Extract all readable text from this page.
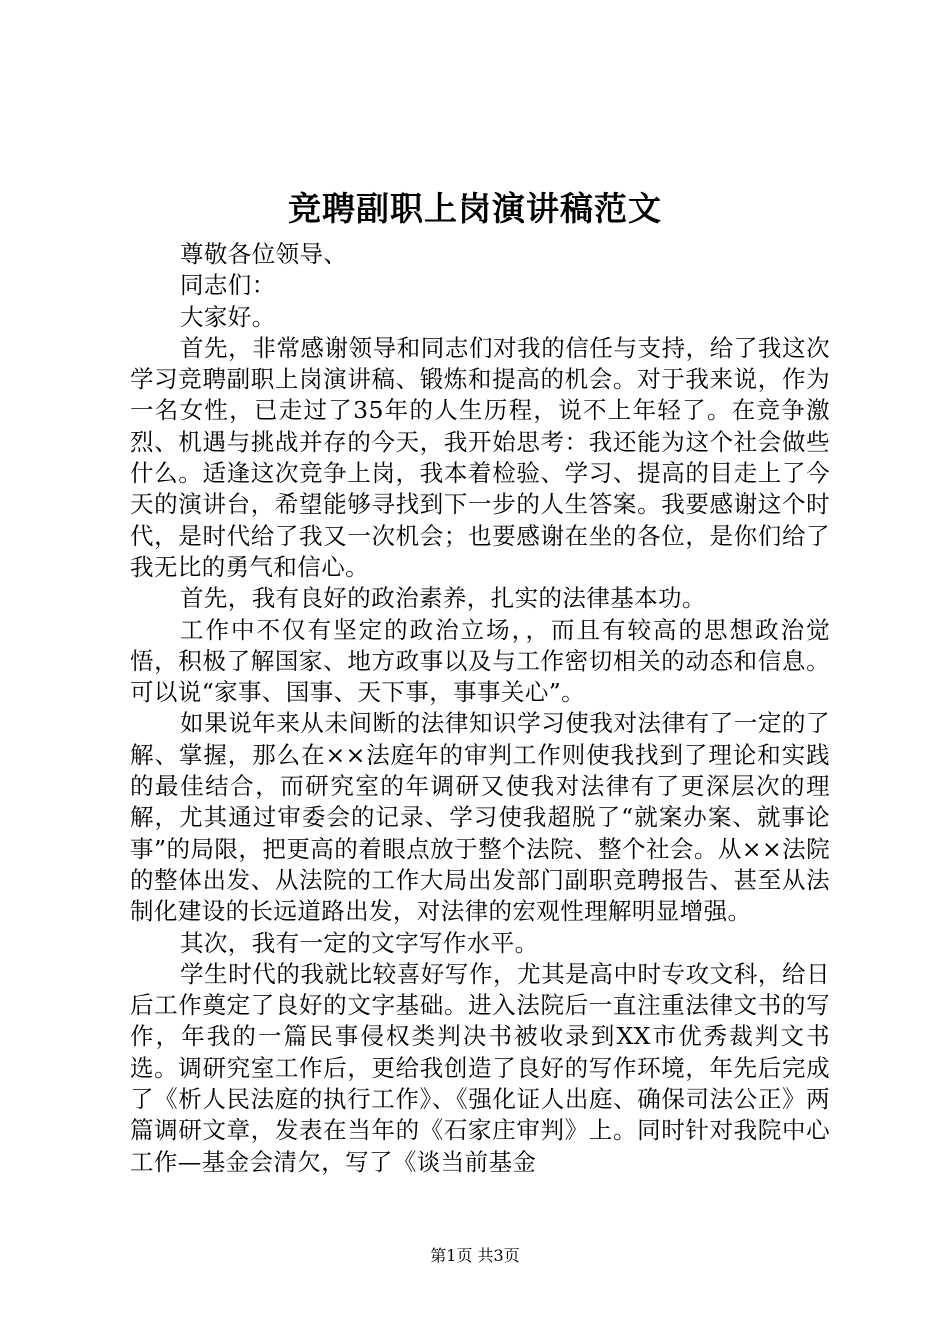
竞聘副职上岗演讲稿范文

尊敬各位领导、

同志们：

大家好。

首先，非常感谢领导和同志们对我的信任与支持，给了我这次学习竞聘副职上岗演讲稿、锻炼和提高的机会。对于我来说，作为一名女性，已走过了35年的人生历程，说不上年轻了。在竞争激烈、机遇与挑战并存的今天，我开始思考：我还能为这个社会做些什么。适逢这次竞争上岗，我本着检验、学习、提高的目走上了今天的演讲台，希望能够寻找到下一步的人生答案。我要感谢这个时代，是时代给了我又一次机会；也要感谢在坐的各位，是你们给了我无比的勇气和信心。

首先，我有良好的政治素养，扎实的法律基本功。

工作中不仅有坚定的政治立场，，而且有较高的思想政治觉悟，积极了解国家、地方政事以及与工作密切相关的动态和信息。可以说“家事、国事、天下事，事事关心”。

如果说年来从未间断的法律知识学习使我对法律有了一定的了解、掌握，那么在××法庭年的审判工作则使我找到了理论和实践的最佳结合，而研究室的年调研又使我对法律有了更深层次的理解，尤其通过审委会的记录、学习使我超脱了“就案办案、就事论事”的局限，把更高的着眼点放于整个法院、整个社会。从××法院的整体出发、从法院的工作大局出发部门副职竞聘报告、甚至从法制化建设的长远道路出发，对法律的宏观性理解明显增强。

其次，我有一定的文字写作水平。

学生时代的我就比较喜好写作，尤其是高中时专攻文科，给日后工作奠定了良好的文字基础。进入法院后一直注重法律文书的写作，年我的一篇民事侵权类判决书被收录到XX市优秀裁判文书选。调研究室工作后，更给我创造了良好的写作环境，年先后完成了《析人民法庭的执行工作》、《强化证人出庭、确保司法公正》两篇调研文章，发表在当年的《石家庄审判》上。同时针对我院中心工作—基金会清欠，写了《谈当前基金

第1页 共3页
